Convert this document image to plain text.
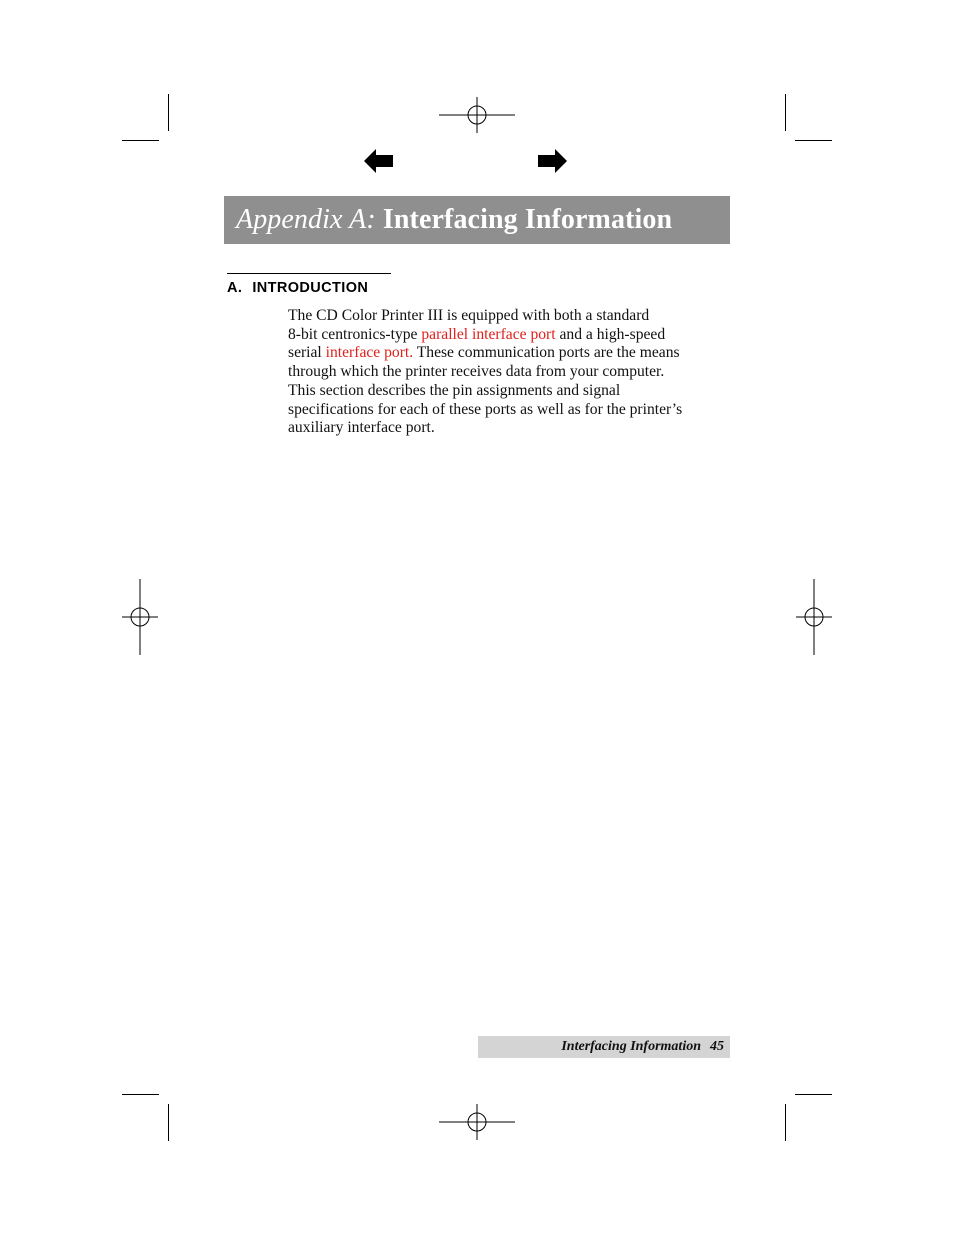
Appendix A: Interfacing Information
A. INTRODUCTION

The CD Color Printer III is equipped with both a standard
8-bit centronics-type parallel interface port and a high-speed
serial interface port. These communication ports are the means
through which the printer receives data from your computer.
This section describes the pin assignments and signal
specifications for each of these ports as well as for the printer’s
auxiliary interface port.

Interfacing Information 45
